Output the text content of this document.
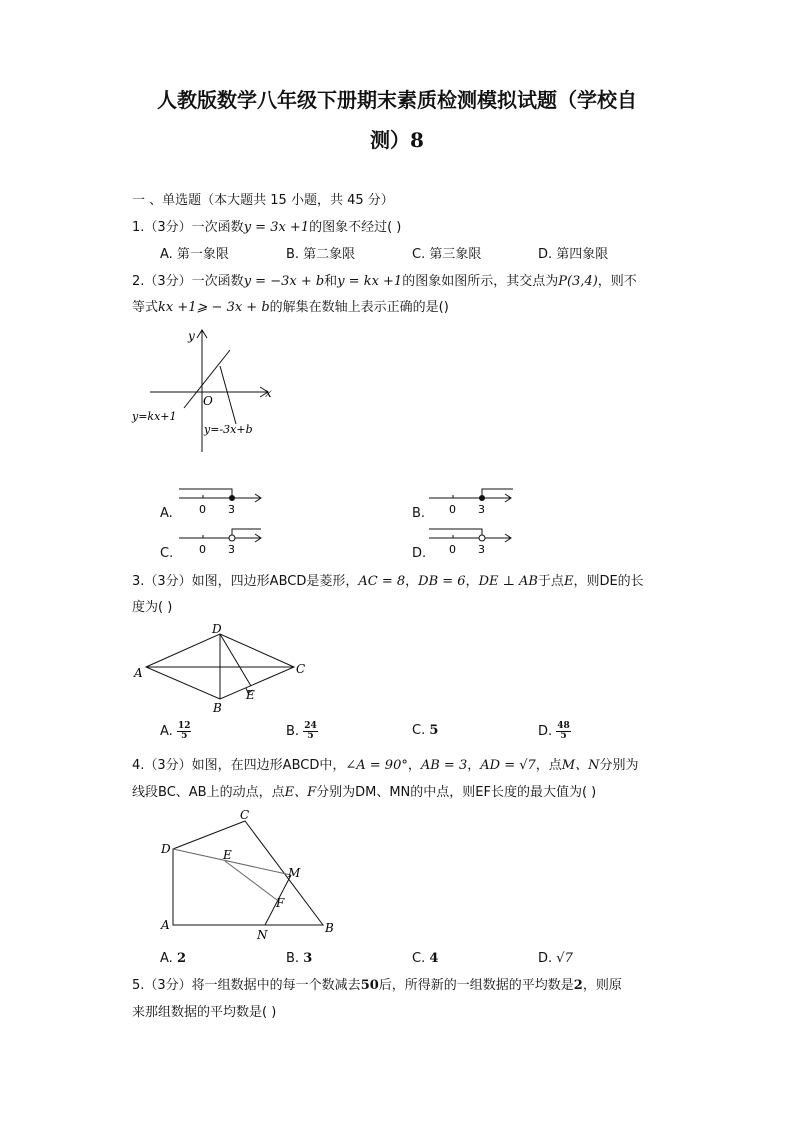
人教版数学八年级下册期末素质检测模拟试题（学校自
测）8
一 、单选题（本大题共 15 小题，共 45 分）
1.（3分）一次函数y = 3x +1的图象不经过( )
A. 第一象限	B. 第二象限	C. 第三象限	D. 第四象限
2.（3分）一次函数y = −3x + b和y = kx +1的图象如图所示，其交点为P(3,4)，则不
等式kx +1⩾ − 3x + b的解集在数轴上表示正确的是()
x
y
O
y=kx+1
y=-3x+b
A. 0 3	B. 0 3
C. 0 3	D. 0 3
3.（3分）如图，四边形ABCD是菱形，AC = 8，DB = 6，DE ⊥ AB于点E，则DE的长
度为( )
A
D
C
B
E
A. $\frac{12}{5}$	B. $\frac{24}{5}$	C. 5	D. $\frac{48}{5}$
4.（3分）如图，在四边形ABCD中，∠A = 90°，AB = 3，AD = √7，点M、N分别为
线段BC、AB上的动点，点E、F分别为DM、MN的中点，则EF长度的最大值为( )
D
C
E
M
F
A
N	B
A. 2	B. 3	C. 4	D. √7
5.（3分）将一组数据中的每一个数减去50后，所得新的一组数据的平均数是2，则原
来那组数据的平均数是( )
